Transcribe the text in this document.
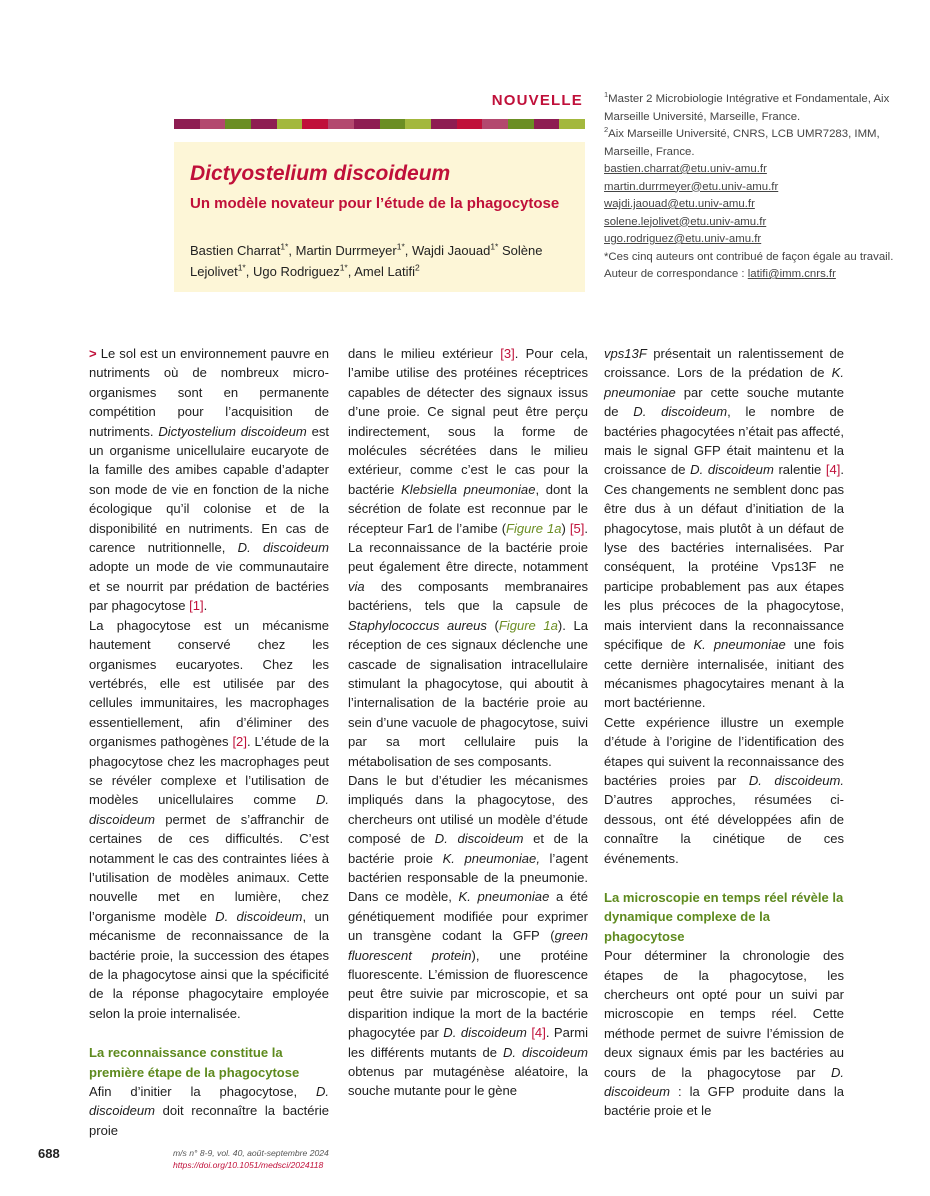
NOUVELLE
Dictyostelium discoideum
Un modèle novateur pour l’étude de la phagocytose
Bastien Charrat$^{1*}$, Martin Durrmeyer$^{1*}$, Wajdi Jaouad$^{1*}$ Solène Lejolivet$^{1*}$, Ugo Rodriguez$^{1*}$, Amel Latifi$^2$
$^1$Master 2 Microbiologie Intégrative et Fondamentale, Aix Marseille Université, Marseille, France.
$^2$Aix Marseille Université, CNRS, LCB UMR7283, IMM, Marseille, France.
bastien.charrat@etu.univ-amu.fr
martin.durrmeyer@etu.univ-amu.fr
wajdi.jaouad@etu.univ-amu.fr
solene.lejolivet@etu.univ-amu.fr
ugo.rodriguez@etu.univ-amu.fr
*Ces cinq auteurs ont contribué de façon égale au travail.
Auteur de correspondance : latifi@imm.cnrs.fr

> Le sol est un environnement pauvre en nutriments où de nombreux micro-organismes sont en permanente compétition pour l’acquisition de nutriments. Dictyostelium discoideum est un organisme unicellulaire eucaryote de la famille des amibes capable d’adapter son mode de vie en fonction de la niche écologique qu’il colonise et de la disponibilité en nutriments. En cas de carence nutritionnelle, D. discoideum adopte un mode de vie communautaire et se nourrit par prédation de bactéries par phagocytose [1].

La phagocytose est un mécanisme hautement conservé chez les organismes eucaryotes. Chez les vertébrés, elle est utilisée par des cellules immunitaires, les macrophages essentiellement, afin d’éliminer des organismes pathogènes [2]. L’étude de la phagocytose chez les macrophages peut se révéler complexe et l’utilisation de modèles unicellulaires comme D. discoideum permet de s’affranchir de certaines de ces difficultés. C’est notamment le cas des contraintes liées à l’utilisation de modèles animaux. Cette nouvelle met en lumière, chez l’organisme modèle D. discoideum, un mécanisme de reconnaissance de la bactérie proie, la succession des étapes de la phagocytose ainsi que la spécificité de la réponse phagocytaire employée selon la proie internalisée.

La reconnaissance constitue la première étape de la phagocytose

Afin d’initier la phagocytose, D. discoideum doit reconnaître la bactérie proie

dans le milieu extérieur [3]. Pour cela, l’amibe utilise des protéines réceptrices capables de détecter des signaux issus d’une proie. Ce signal peut être perçu indirectement, sous la forme de molécules sécrétées dans le milieu extérieur, comme c’est le cas pour la bactérie Klebsiella pneumoniae, dont la sécrétion de folate est reconnue par le récepteur Far1 de l’amibe (Figure 1a) [5]. La reconnaissance de la bactérie proie peut également être directe, notamment via des composants membranaires bactériens, tels que la capsule de Staphylococcus aureus (Figure 1a). La réception de ces signaux déclenche une cascade de signalisation intracellulaire stimulant la phagocytose, qui aboutit à l’internalisation de la bactérie proie au sein d’une vacuole de phagocytose, suivi par sa mort cellulaire puis la métabolisation de ses composants.

Dans le but d’étudier les mécanismes impliqués dans la phagocytose, des chercheurs ont utilisé un modèle d’étude composé de D. discoideum et de la bactérie proie K. pneumoniae, l’agent bactérien responsable de la pneumonie. Dans ce modèle, K. pneumoniae a été génétiquement modifiée pour exprimer un transgène codant la GFP (green fluorescent protein), une protéine fluorescente. L’émission de fluorescence peut être suivie par microscopie, et sa disparition indique la mort de la bactérie phagocytée par D. discoideum [4]. Parmi les différents mutants de D. discoideum obtenus par mutagénèse aléatoire, la souche mutante pour le gène

vps13F présentait un ralentissement de croissance. Lors de la prédation de K. pneumoniae par cette souche mutante de D. discoideum, le nombre de bactéries phagocytées n’était pas affecté, mais le signal GFP était maintenu et la croissance de D. discoideum ralentie [4]. Ces changements ne semblent donc pas être dus à un défaut d’initiation de la phagocytose, mais plutôt à un défaut de lyse des bactéries internalisées. Par conséquent, la protéine Vps13F ne participe probablement pas aux étapes les plus précoces de la phagocytose, mais intervient dans la reconnaissance spécifique de K. pneumoniae une fois cette dernière internalisée, initiant des mécanismes phagocytaires menant à la mort bactérienne.

Cette expérience illustre un exemple d’étude à l’origine de l’identification des étapes qui suivent la reconnaissance des bactéries proies par D. discoideum. D’autres approches, résumées ci-dessous, ont été développées afin de connaître la cinétique de ces événements.

La microscopie en temps réel révèle la dynamique complexe de la phagocytose

Pour déterminer la chronologie des étapes de la phagocytose, les chercheurs ont opté pour un suivi par microscopie en temps réel. Cette méthode permet de suivre l’émission de deux signaux émis par les bactéries au cours de la phagocytose par D. discoideum : la GFP produite dans la bactérie proie et le

688	m/s n° 8-9, vol. 40, août-septembre 2024
https://doi.org/10.1051/medsci/2024118
